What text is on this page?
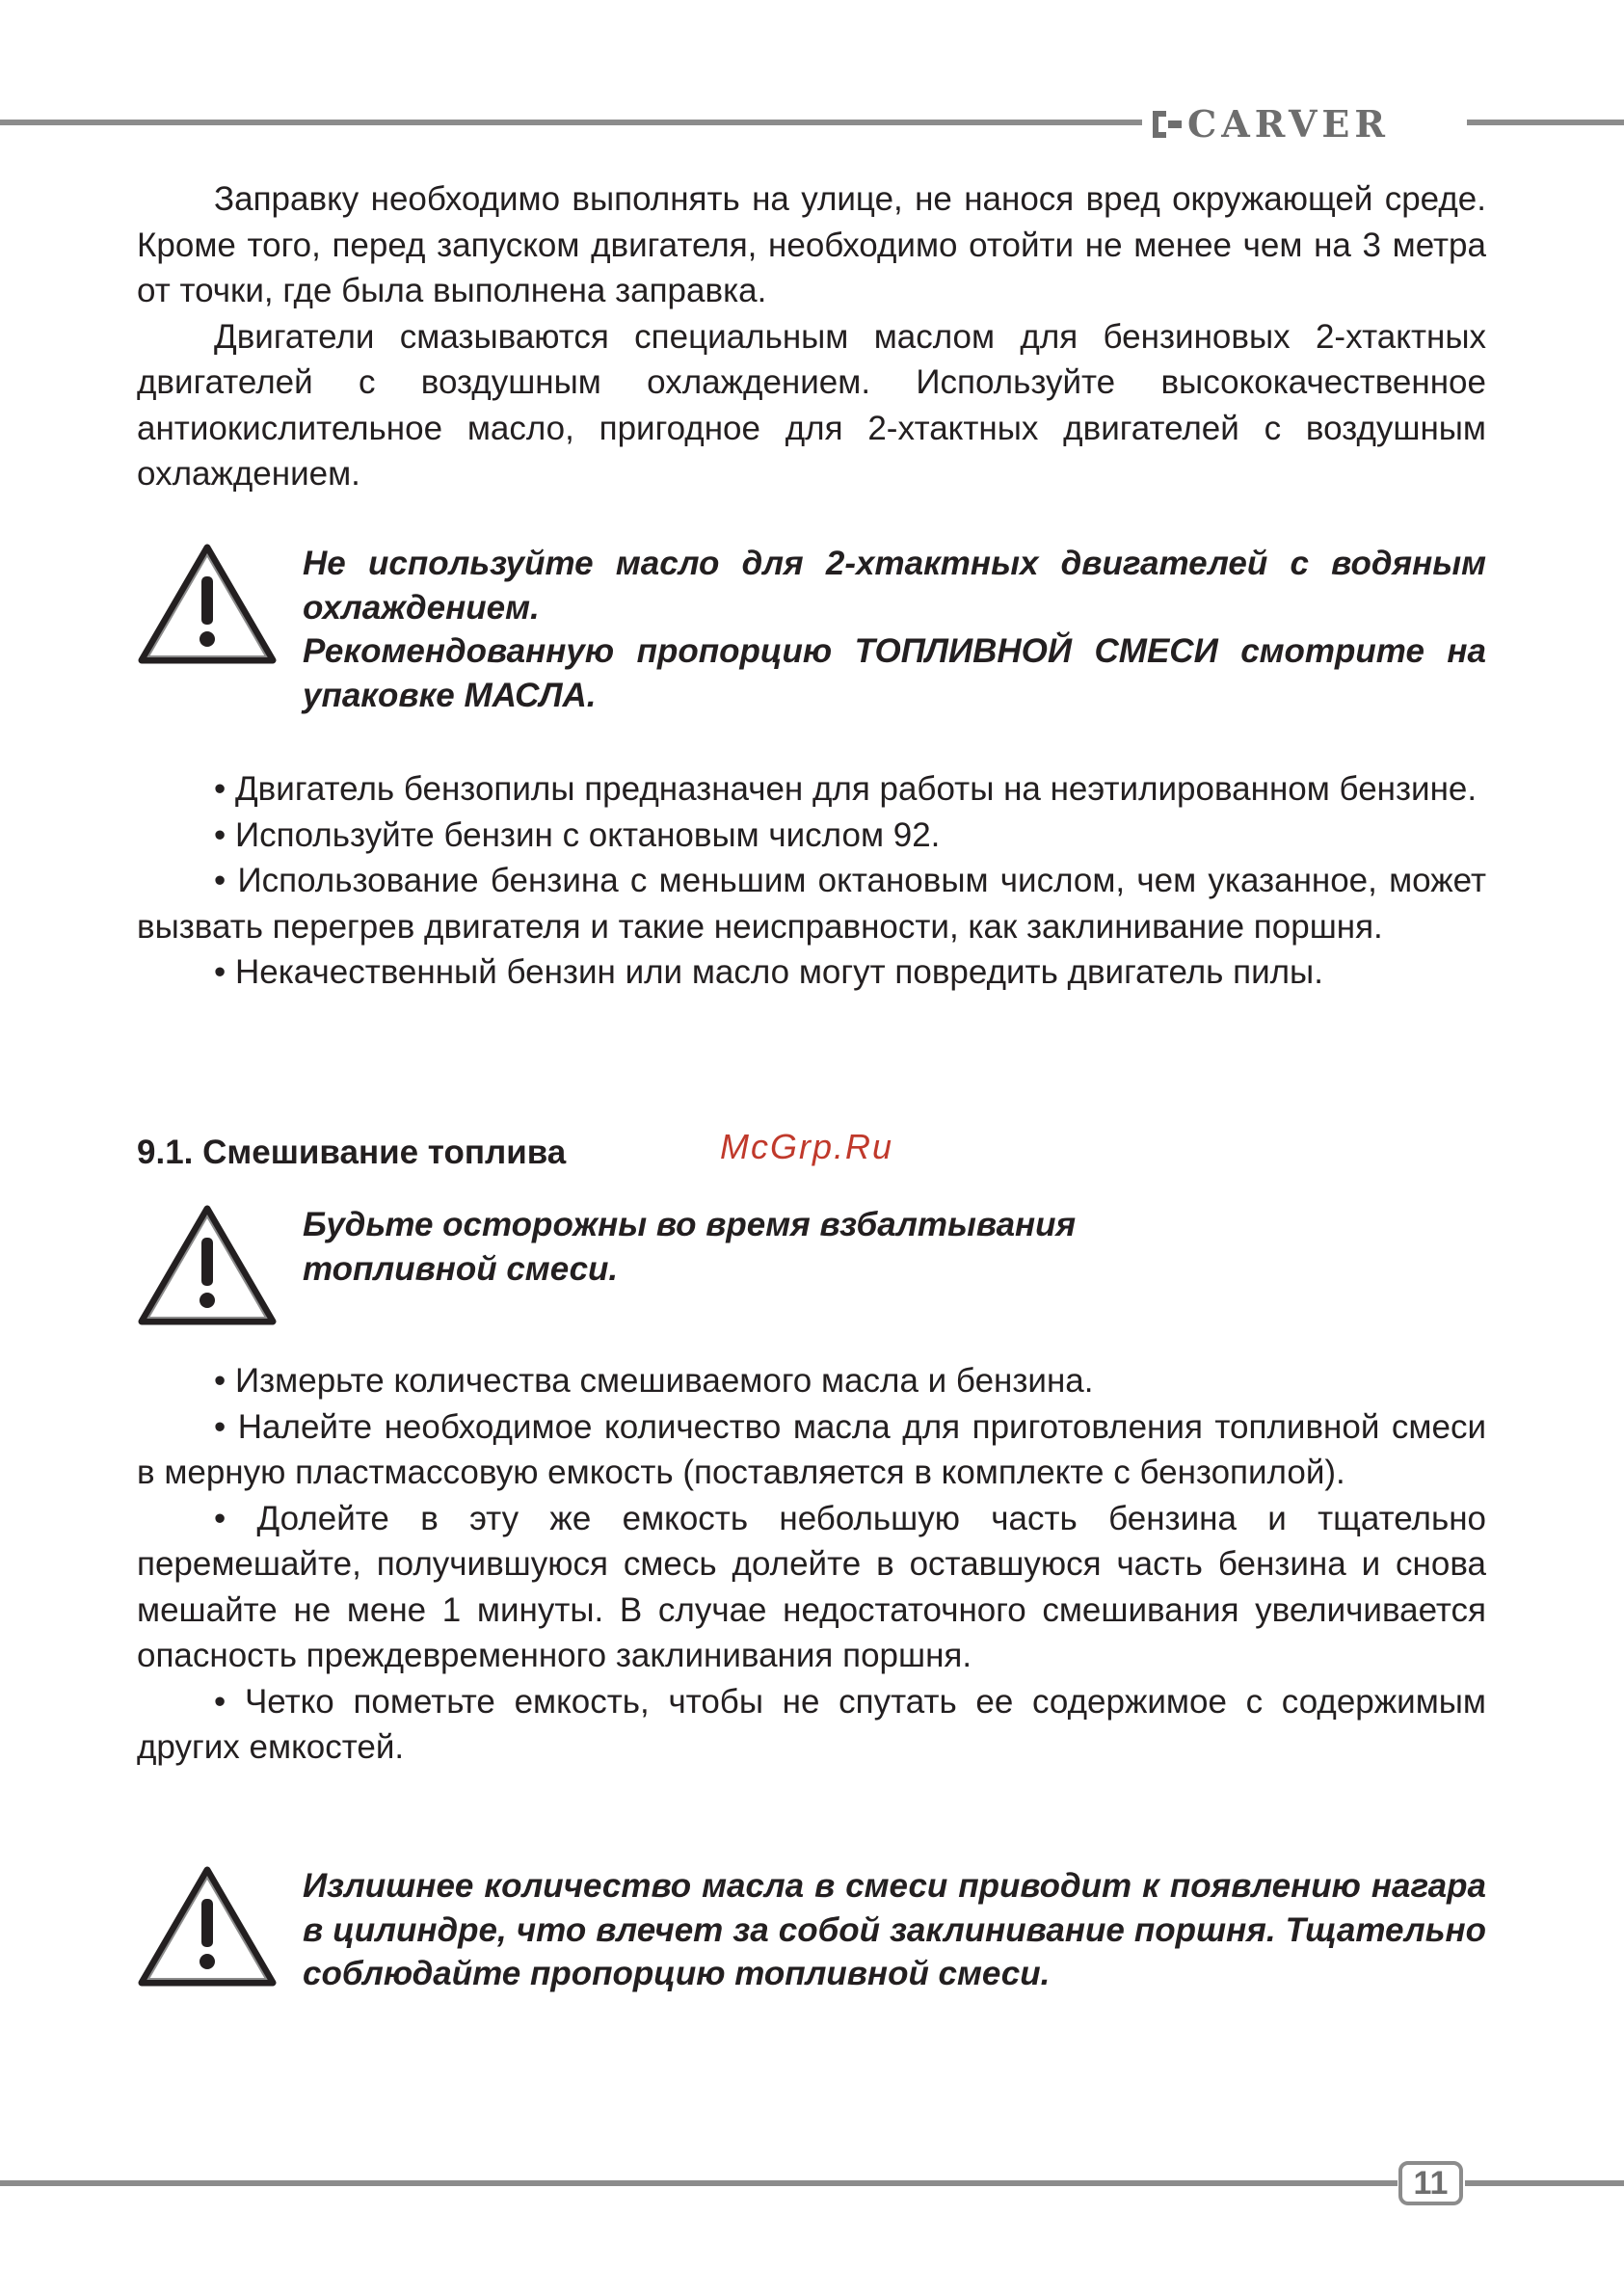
CARVER

Заправку необходимо выполнять на улице, не нанося вред окружающей среде. Кроме того, перед запуском двигателя, необходимо отойти не менее чем на 3 метра от точки, где была выполнена заправка.

Двигатели смазываются специальным маслом для бензиновых 2-хтактных двигателей с воздушным охлаждением. Используйте высококачественное антиокислительное масло, пригодное для 2-хтактных двигателей с воздушным охлаждением.

Не используйте масло для 2-хтактных двигателей с водяным охлаждением.

Рекомендованную пропорцию ТОПЛИВНОЙ СМЕСИ смотрите на упаковке МАСЛА.

• Двигатель бензопилы предназначен для работы на неэтилированном бензине.

• Используйте бензин с октановым числом 92.

• Использование бензина с меньшим октановым числом, чем указанное, может вызвать перегрев двигателя и такие неисправности, как заклинивание поршня.

• Некачественный бензин или масло могут повредить двигатель пилы.

9.1. Смешивание топлива	McGrp.Ru

Будьте осторожны во время взбалтывания

топливной смеси.

• Измерьте количества смешиваемого масла и бензина.

• Налейте необходимое количество масла для приготовления топливной смеси в мерную пластмассовую емкость (поставляется в комплекте с бензопилой).

• Долейте в эту же емкость небольшую часть бензина и тщательно перемешайте, получившуюся смесь долейте в оставшуюся часть бензина и снова мешайте не мене 1 минуты. В случае недостаточного смешивания увеличивается опасность преждевременного заклинивания поршня.

• Четко пометьте емкость, чтобы не спутать ее содержимое с содержимым других емкостей.

Излишнее количество масла в смеси приводит к появлению нагара в цилиндре, что влечет за собой заклинивание поршня. Тщательно соблюдайте пропорцию топливной смеси.

11
